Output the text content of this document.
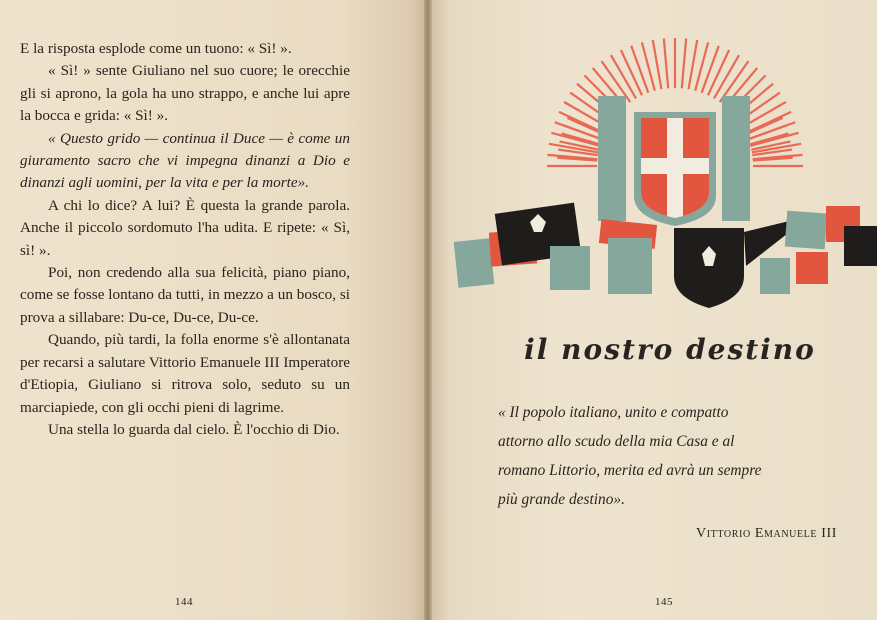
E la risposta esplode come un tuono: « Sì! ».

« Sì! » sente Giuliano nel suo cuore; le orecchie gli si aprono, la gola ha uno strappo, e anche lui apre la bocca e grida: « Sì! ».

« Questo grido — continua il Duce — è come un giuramento sacro che vi impegna dinanzi a Dio e dinanzi agli uomini, per la vita e per la morte».

A chi lo dice? A lui? È questa la grande parola. Anche il piccolo sordomuto l'ha udita. E ripete: « Sì, sì! ».

Poi, non credendo alla sua felicità, piano piano, come se fosse lontano da tutti, in mezzo a un bosco, si prova a sillabare: Du-ce, Du-ce, Du-ce.

Quando, più tardi, la folla enorme s'è allontanata per recarsi a salutare Vittorio Emanuele III Imperatore d'Etiopia, Giuliano si ritrova solo, seduto su un marciapiede, con gli occhi pieni di lagrime.

Una stella lo guarda dal cielo. È l'occhio di Dio.

144
il nostro destino
« Il popolo italiano, unito e compatto
attorno allo scudo della mia Casa e al
romano Littorio, merita ed avrà un sempre
più grande destino».
Vittorio Emanuele III
145
